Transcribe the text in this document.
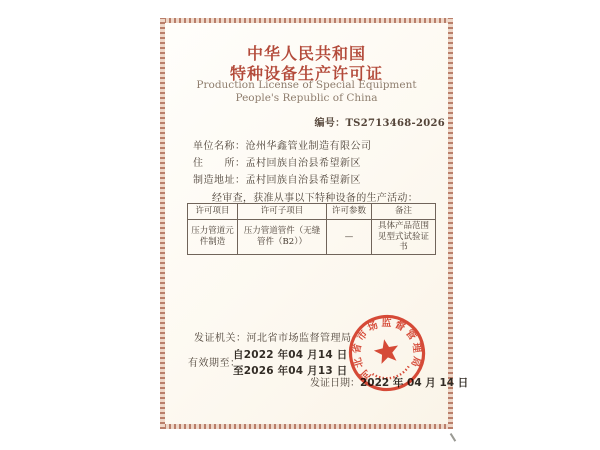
中华人民共和国
特种设备生产许可证
Production License of Special Equipment
People's Republic of China
编号：TS2713468-2026
单位名称：沧州华鑫管业制造有限公司
住　　所：孟村回族自治县希望新区
制造地址：孟村回族自治县希望新区
经审查，获准从事以下特种设备的生产活动：
许可项目	许可子项目	许可参数	备注
压力管道元件制造	压力管道管件（无缝管件（B2））	—	具体产品范围见型式试验证书
发证机关：河北省市场监督管理局
有效期至：
自2022 年04 月14 日
至2026 年04 月13 日
发证日期：2022 年 04 月 14 日
河北省市场监督管理局
